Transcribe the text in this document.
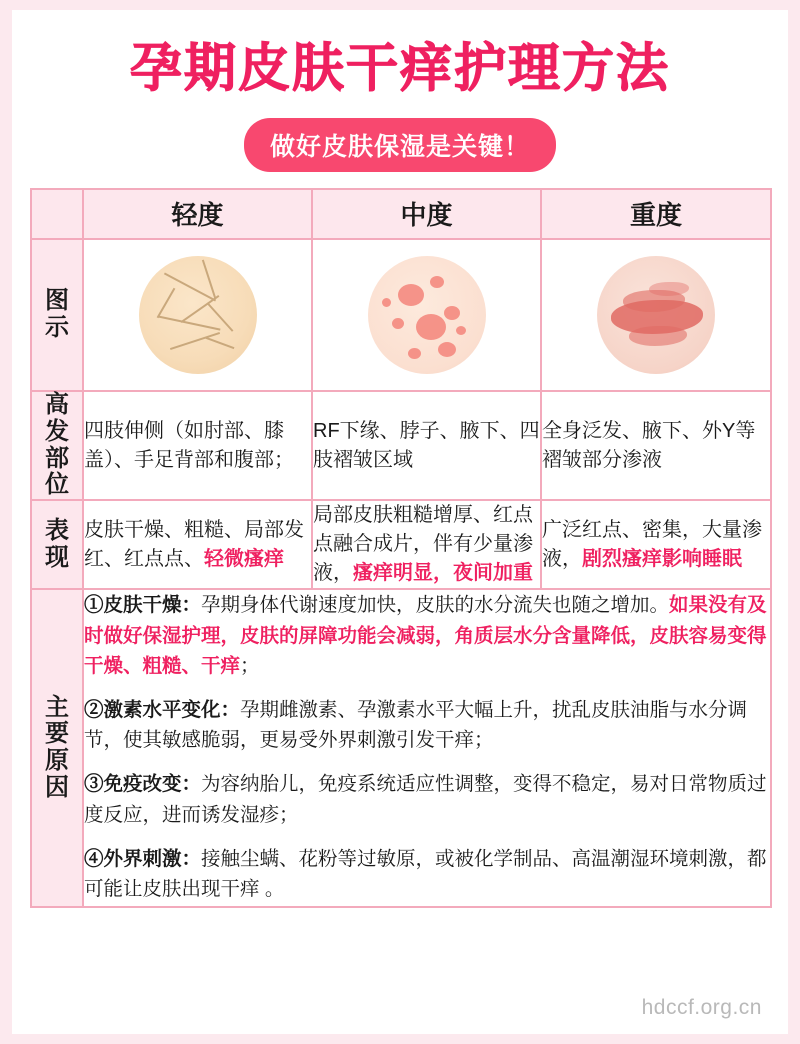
孕期皮肤干痒护理方法
做好皮肤保湿是关键！
	轻度	中度	重度

图
示			

高
发
部
位	四肢伸侧（如肘部、膝盖）、手足背部和腹部；	RF下缘、脖子、腋下、四肢褶皱区域	全身泛发、腋下、外Y等褶皱部分渗液

表
现	皮肤干燥、粗糙、局部发红、红点点、轻微瘙痒	局部皮肤粗糙增厚、红点点融合成片，伴有少量渗液，瘙痒明显，夜间加重	广泛红点、密集，大量渗液，剧烈瘙痒影响睡眠

主
要
原
因

①皮肤干燥：孕期身体代谢速度加快，皮肤的水分流失也随之增加。如果没有及时做好保湿护理，皮肤的屏障功能会减弱，角质层水分含量降低，皮肤容易变得干燥、粗糙、干痒；

②激素水平变化：孕期雌激素、孕激素水平大幅上升，扰乱皮肤油脂与水分调节，使其敏感脆弱，更易受外界刺激引发干痒；

③免疫改变：为容纳胎儿，免疫系统适应性调整，变得不稳定，易对日常物质过度反应，进而诱发湿疹；

④外界刺激：接触尘螨、花粉等过敏原，或被化学制品、高温潮湿环境刺激，都可能让皮肤出现干痒 。

hdccf.org.cn
